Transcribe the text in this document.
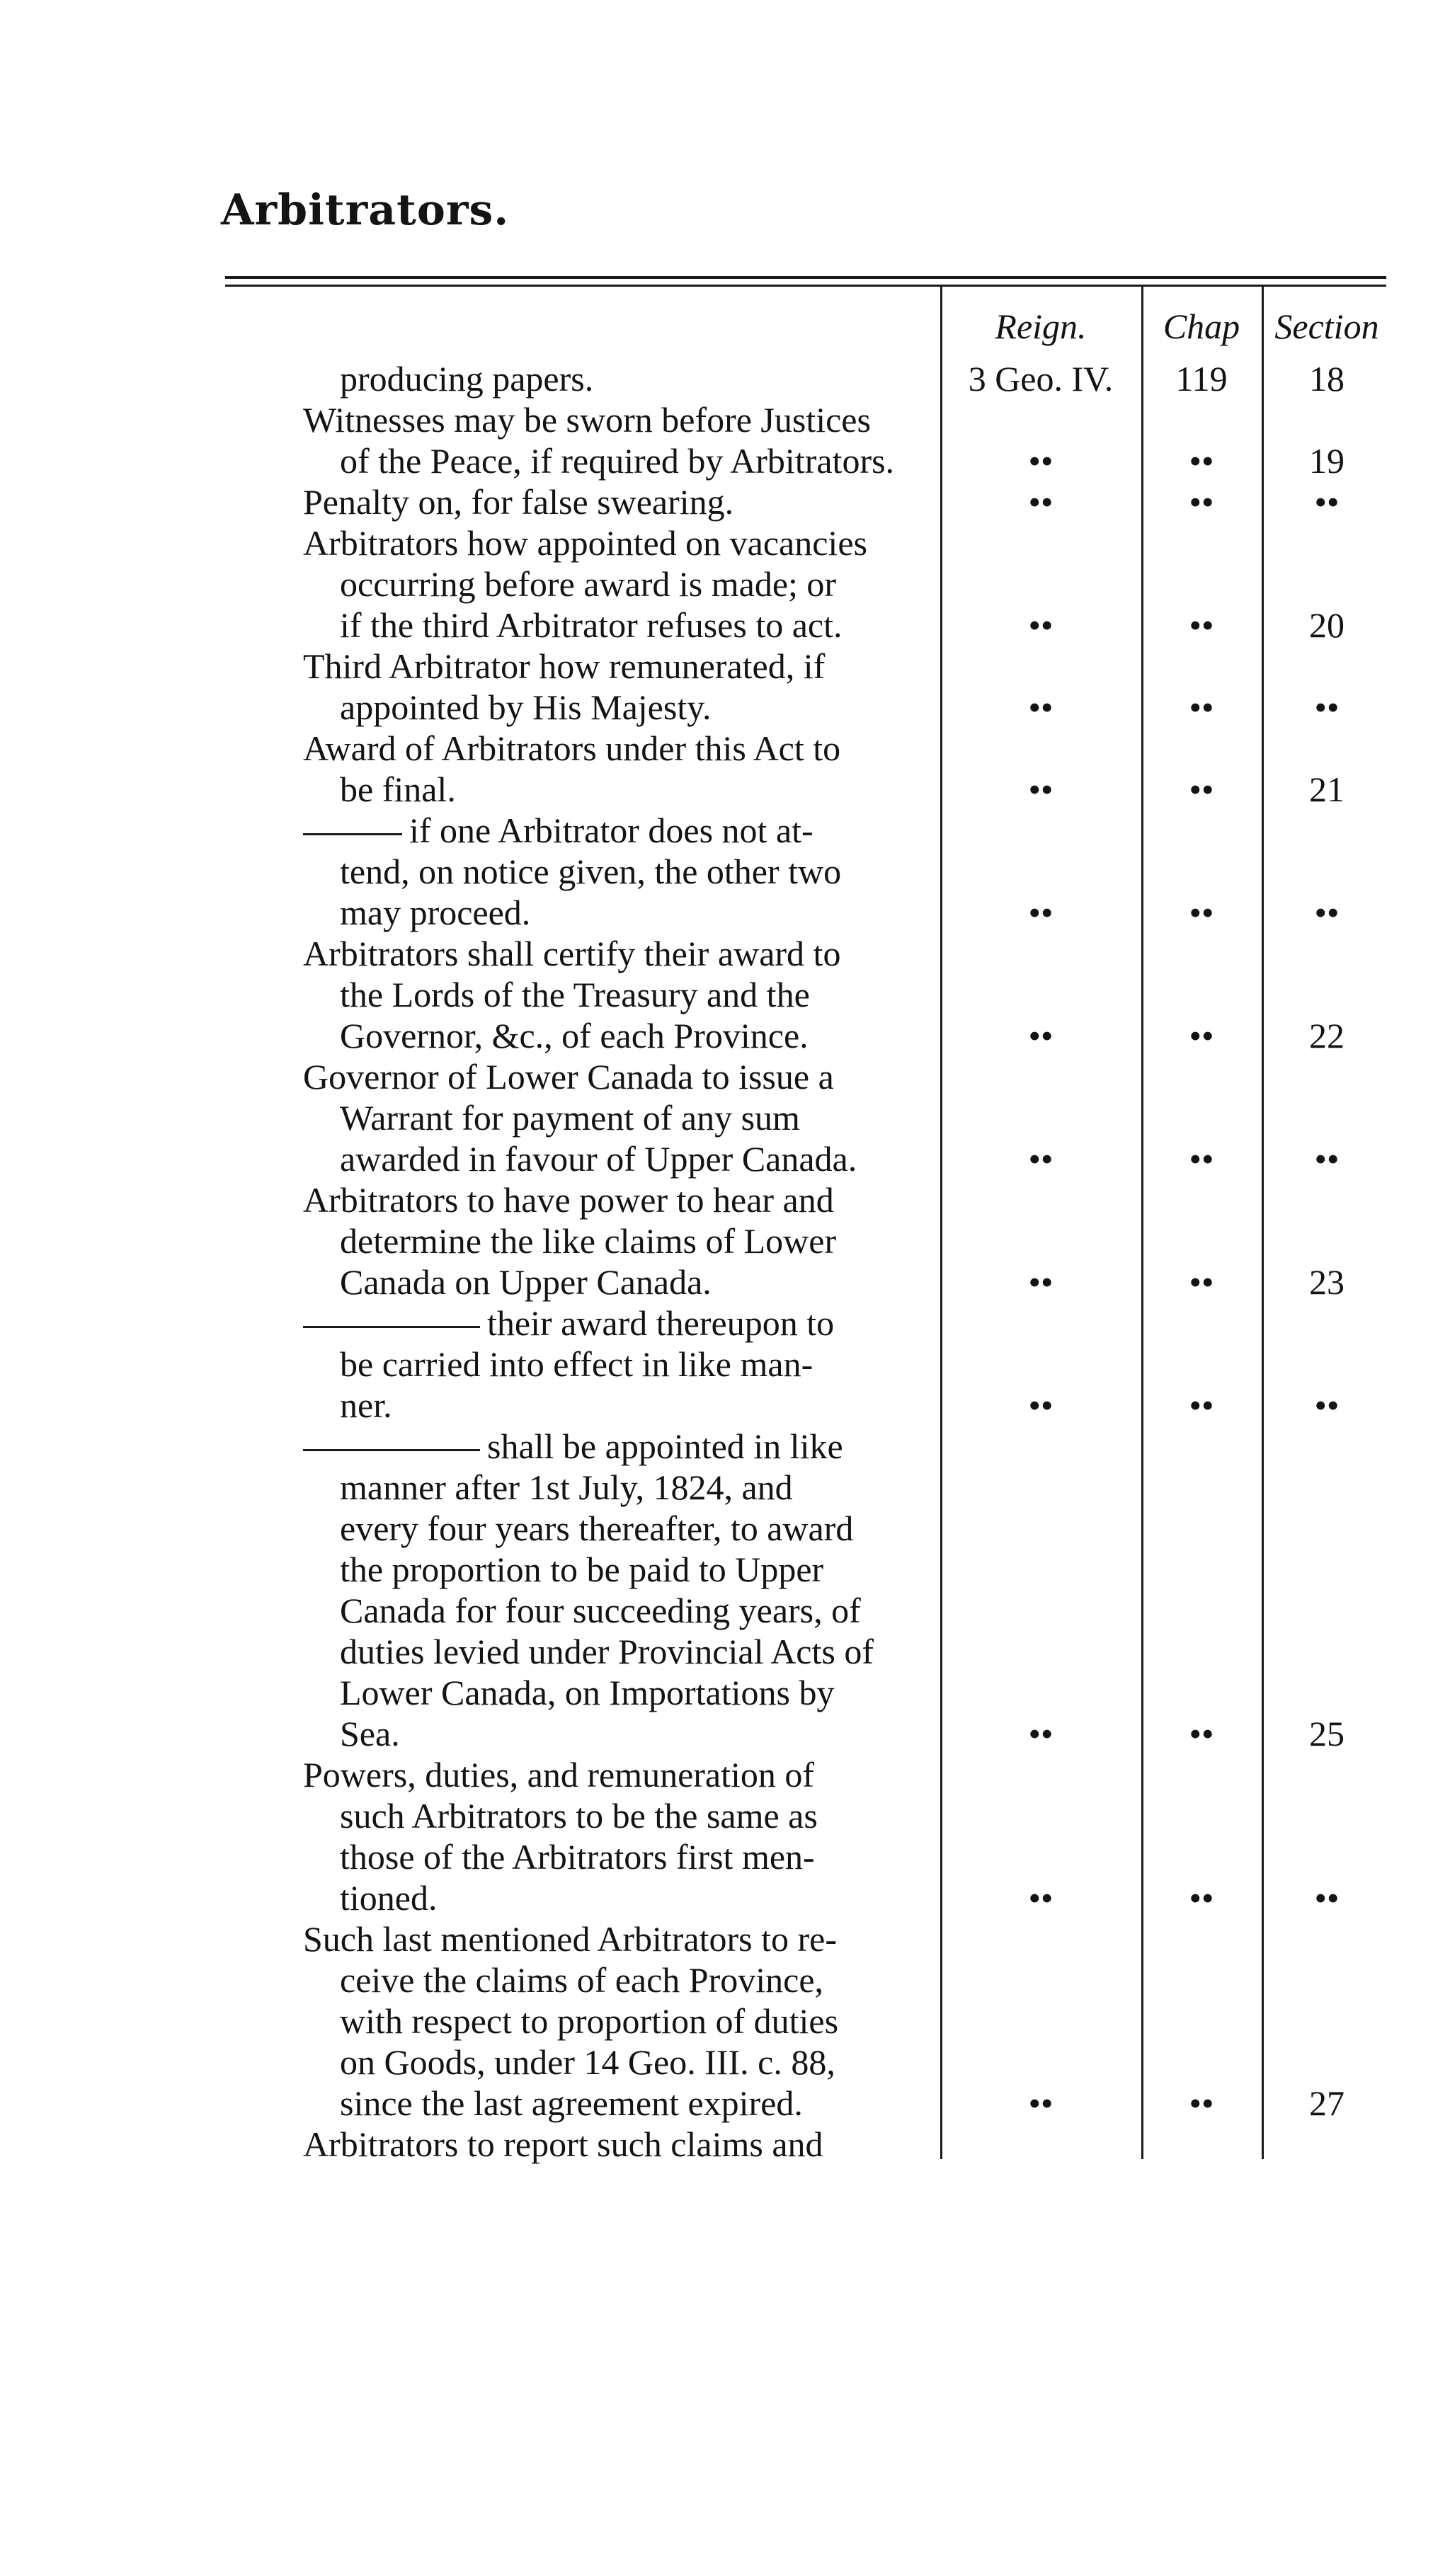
Arbitrators.
Reign.	Chap Section
producing papers.	3 Geo. IV.	119	18
Witnesses may be sworn before Justices
of the Peace, if required by Arbitrators.	••	••	19
Penalty on, for false swearing.	••	••	••
Arbitrators how appointed on vacancies
occurring before award is made; or
if the third Arbitrator refuses to act.	••	••	20
Third Arbitrator how remunerated, if
appointed by His Majesty.	••	••	••
Award of Arbitrators under this Act to
be final.	••	••	21
if one Arbitrator does not at-
tend, on notice given, the other two
may proceed.	••	••	••
Arbitrators shall certify their award to
the Lords of the Treasury and the
Governor, &c., of each Province.	••	••	22
Governor of Lower Canada to issue a
Warrant for payment of any sum
awarded in favour of Upper Canada.	••	••	••
Arbitrators to have power to hear and
determine the like claims of Lower
Canada on Upper Canada.	••	••	23
their award thereupon to
be carried into effect in like man-
ner.	••	••	••
shall be appointed in like
manner after 1st July, 1824, and
every four years thereafter, to award
the proportion to be paid to Upper
Canada for four succeeding years, of
duties levied under Provincial Acts of
Lower Canada, on Importations by
Sea.	••	••	25
Powers, duties, and remuneration of
such Arbitrators to be the same as
those of the Arbitrators first men-
tioned.	••	••	••
Such last mentioned Arbitrators to re-
ceive the claims of each Province,
with respect to proportion of duties
on Goods, under 14 Geo. III. c. 88,
since the last agreement expired.	••	••	27
Arbitrators to report such claims and
